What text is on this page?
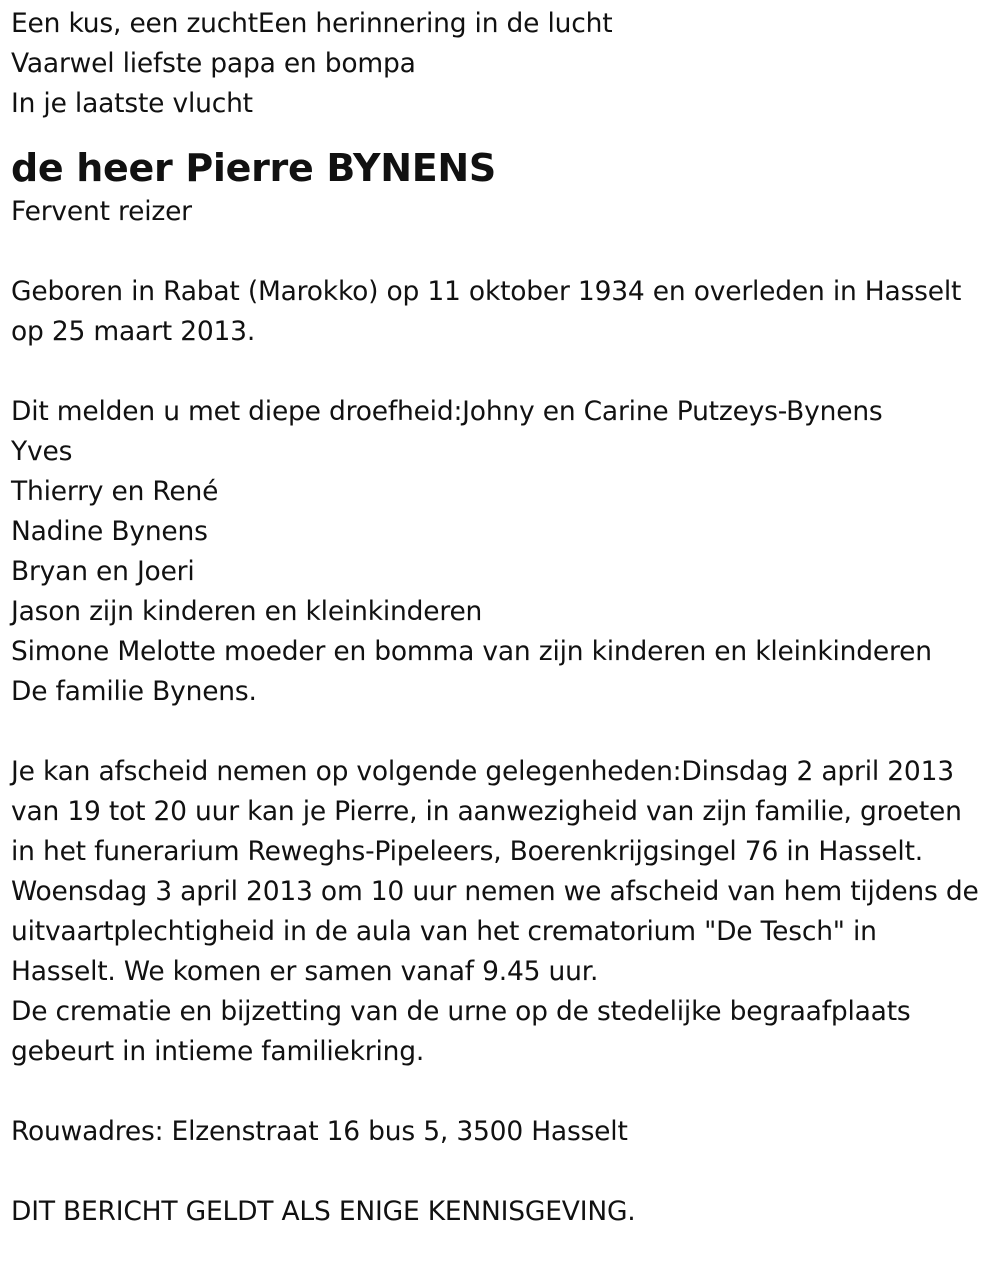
Een kus, een zuchtEen herinnering in de lucht
Vaarwel liefste papa en bompa
In je laatste vlucht
de heer Pierre BYNENS
Fervent reizer
Geboren in Rabat (Marokko) op 11 oktober 1934 en overleden in Hasselt
op 25 maart 2013.
Dit melden u met diepe droefheid:Johny en Carine Putzeys-Bynens
Yves
Thierry en René
Nadine Bynens
Bryan en Joeri
Jason zijn kinderen en kleinkinderen
Simone Melotte moeder en bomma van zijn kinderen en kleinkinderen
De familie Bynens.
Je kan afscheid nemen op volgende gelegenheden:Dinsdag 2 april 2013
van 19 tot 20 uur kan je Pierre, in aanwezigheid van zijn familie, groeten
in het funerarium Reweghs-Pipeleers, Boerenkrijgsingel 76 in Hasselt.
Woensdag 3 april 2013 om 10 uur nemen we afscheid van hem tijdens de
uitvaartplechtigheid in de aula van het crematorium "De Tesch" in
Hasselt. We komen er samen vanaf 9.45 uur.
De crematie en bijzetting van de urne op de stedelijke begraafplaats
gebeurt in intieme familiekring.
Rouwadres: Elzenstraat 16 bus 5, 3500 Hasselt
DIT BERICHT GELDT ALS ENIGE KENNISGEVING.
